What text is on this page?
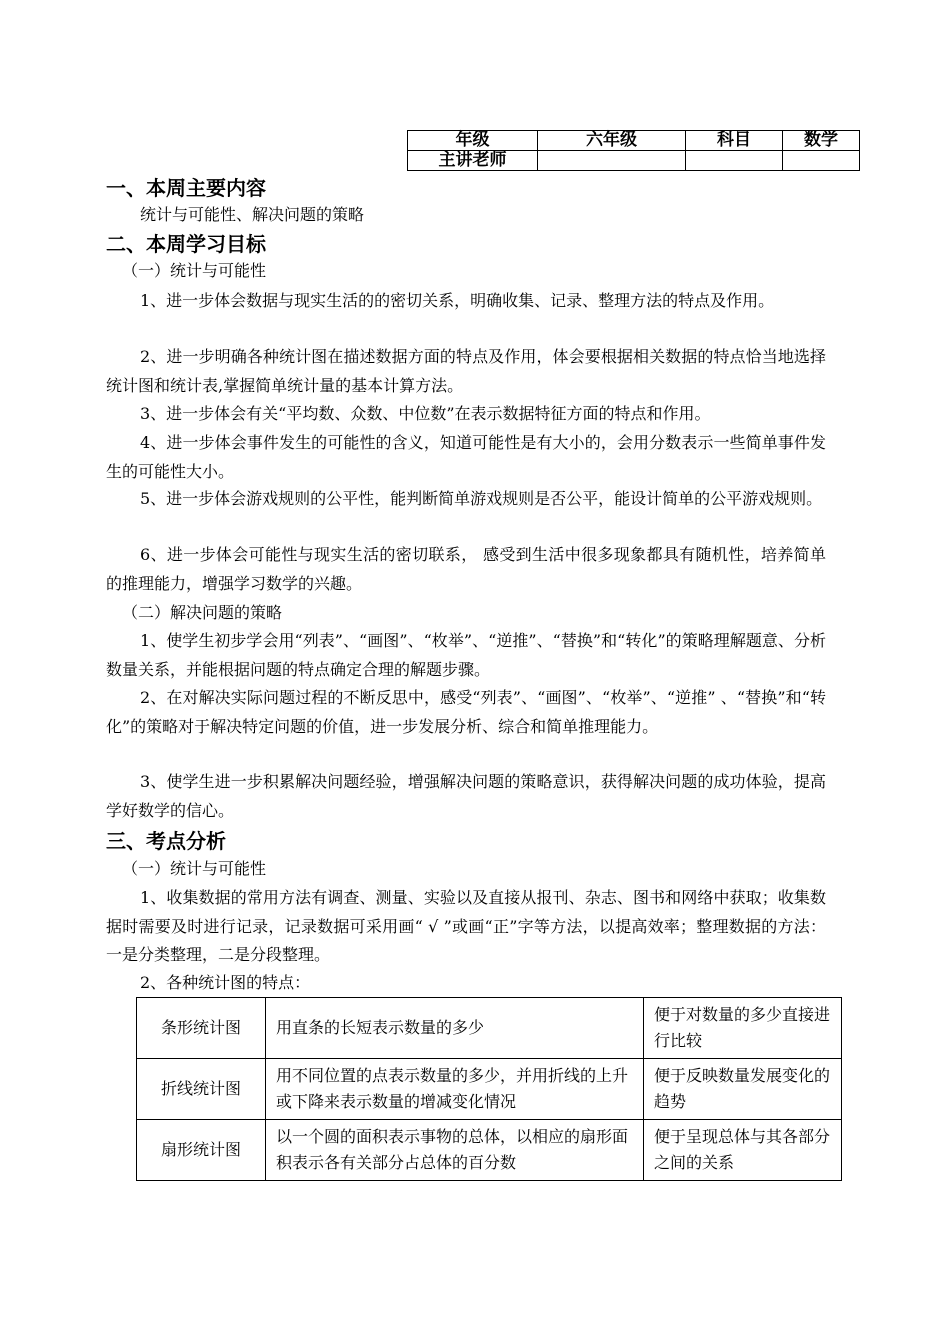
年级	六年级	科目	数学
主讲老师			
一、本周主要内容
统计与可能性、解决问题的策略
二、本周学习目标
（一）统计与可能性
1、进一步体会数据与现实生活的的密切关系，明确收集、记录、整理方法的特点及作用。
2、进一步明确各种统计图在描述数据方面的特点及作用，体会要根据相关数据的特点恰当地选择统计图和统计表,掌握简单统计量的基本计算方法。
3、进一步体会有关“平均数、众数、中位数”在表示数据特征方面的特点和作用。
4、进一步体会事件发生的可能性的含义，知道可能性是有大小的，会用分数表示一些简单事件发生的可能性大小。
5、进一步体会游戏规则的公平性，能判断简单游戏规则是否公平，能设计简单的公平游戏规则。
6、进一步体会可能性与现实生活的密切联系， 感受到生活中很多现象都具有随机性，培养简单的推理能力，增强学习数学的兴趣。
（二）解决问题的策略
1、使学生初步学会用“列表”、“画图”、“枚举”、“逆推”、“替换”和“转化”的策略理解题意、分析数量关系，并能根据问题的特点确定合理的解题步骤。
2、在对解决实际问题过程的不断反思中，感受“列表”、“画图”、“枚举”、“逆推” 、“替换”和“转化”的策略对于解决特定问题的价值，进一步发展分析、综合和简单推理能力。
3、使学生进一步积累解决问题经验，增强解决问题的策略意识，获得解决问题的成功体验，提高学好数学的信心。
三、考点分析
（一）统计与可能性
1、收集数据的常用方法有调查、测量、实验以及直接从报刊、杂志、图书和网络中获取；收集数据时需要及时进行记录，记录数据可采用画“ √ ”或画“正”字等方法，以提高效率；整理数据的方法：一是分类整理，二是分段整理。
2、各种统计图的特点：
条形统计图	用直条的长短表示数量的多少	便于对数量的多少直接进行比较
折线统计图	用不同位置的点表示数量的多少，并用折线的上升或下降来表示数量的增减变化情况	便于反映数量发展变化的趋势
扇形统计图	以一个圆的面积表示事物的总体，以相应的扇形面积表示各有关部分占总体的百分数	便于呈现总体与其各部分之间的关系
